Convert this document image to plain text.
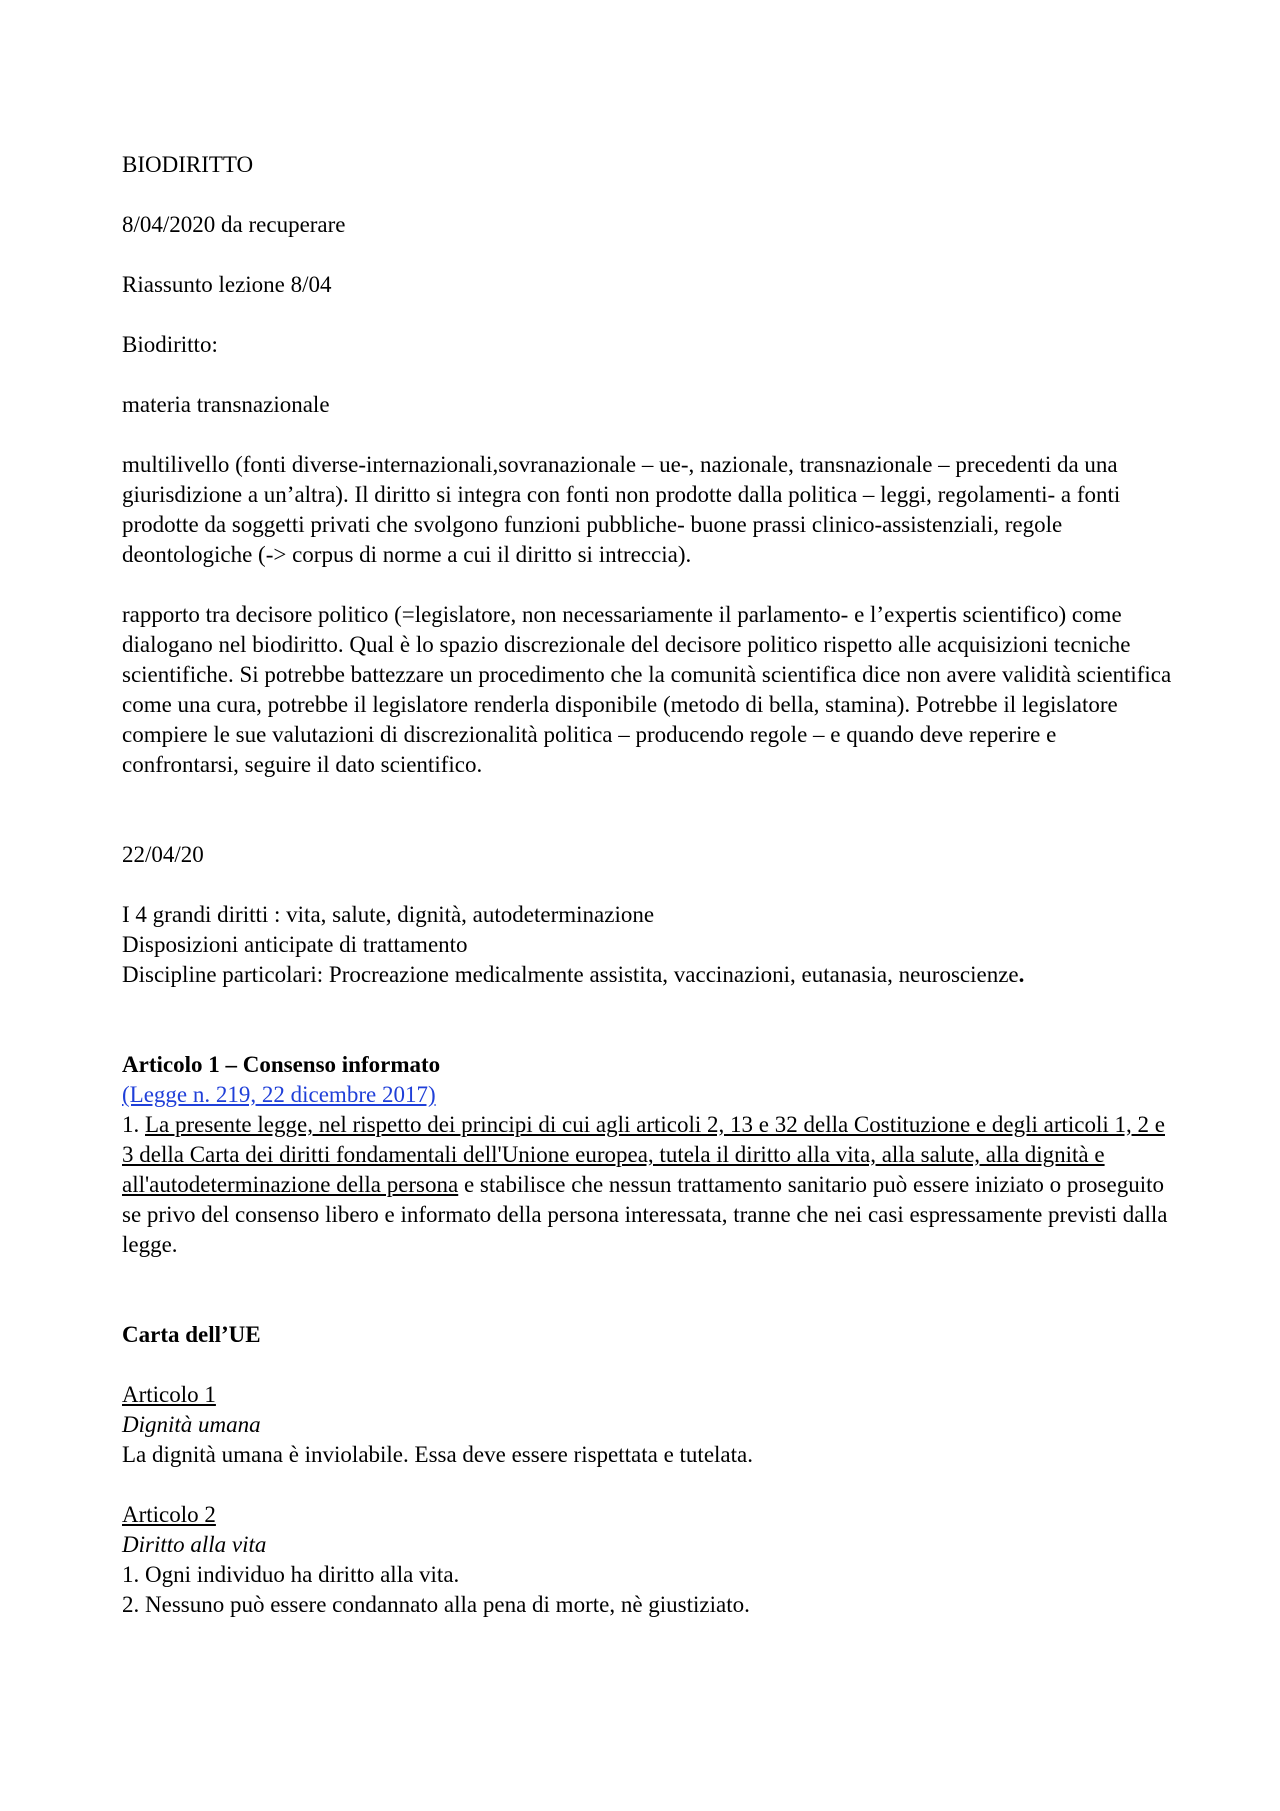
BIODIRITTO

8/04/2020 da recuperare

Riassunto lezione 8/04

Biodiritto:

materia transnazionale

multilivello (fonti diverse-internazionali,sovranazionale – ue-, nazionale, transnazionale – precedenti da una giurisdizione a un’altra). Il diritto si integra con fonti non prodotte dalla politica – leggi, regolamenti- a fonti prodotte da soggetti privati che svolgono funzioni pubbliche- buone prassi clinico-assistenziali, regole deontologiche (-> corpus di norme a cui il diritto si intreccia).

rapporto tra decisore politico (=legislatore, non necessariamente il parlamento- e l’expertis scientifico) come dialogano nel biodiritto. Qual è lo spazio discrezionale del decisore politico rispetto alle acquisizioni tecniche scientifiche. Si potrebbe battezzare un procedimento che la comunità scientifica dice non avere validità scientifica come una cura, potrebbe il legislatore renderla disponibile (metodo di bella, stamina). Potrebbe il legislatore compiere le sue valutazioni di discrezionalità politica – producendo regole – e quando deve reperire e confrontarsi, seguire il dato scientifico.

22/04/20

I 4 grandi diritti : vita, salute, dignità, autodeterminazione

Disposizioni anticipate di trattamento

Discipline particolari: Procreazione medicalmente assistita, vaccinazioni, eutanasia, neuroscienze.

Articolo 1 – Consenso informato

(Legge n. 219, 22 dicembre 2017)

1. La presente legge, nel rispetto dei principi di cui agli articoli 2, 13 e 32 della Costituzione e degli articoli 1, 2 e 3 della Carta dei diritti fondamentali dell'Unione europea, tutela il diritto alla vita, alla salute, alla dignità e all'autodeterminazione della persona e stabilisce che nessun trattamento sanitario può essere iniziato o proseguito se privo del consenso libero e informato della persona interessata, tranne che nei casi espressamente previsti dalla legge.

Carta dell’UE

Articolo 1

Dignità umana

La dignità umana è inviolabile. Essa deve essere rispettata e tutelata.

Articolo 2

Diritto alla vita

1. Ogni individuo ha diritto alla vita.

2. Nessuno può essere condannato alla pena di morte, nè giustiziato.
